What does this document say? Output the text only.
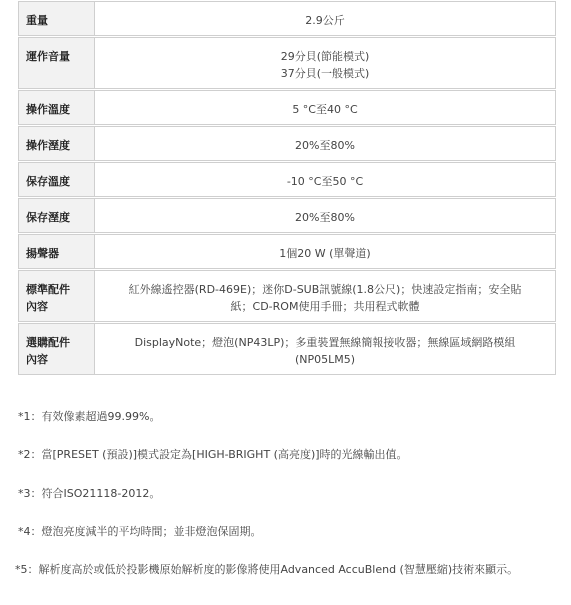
重量	2.9公斤

運作音量	29分貝(節能模式)
37分貝(一般模式)

操作溫度	5 °C至40 °C

操作溼度	20%至80%

保存溫度	-10 °C至50 °C

保存溼度	20%至80%

揚聲器	1個20 W (單聲道)

標準配件
內容	紅外線遙控器(RD-469E)；迷你D-SUB訊號線(1.8公尺)；快速設定指南；安全貼
紙；CD-ROM使用手冊；共用程式軟體

選購配件
內容	DisplayNote；燈泡(NP43LP)；多重裝置無線簡報接收器；無線區域網路模組
(NP05LM5)
*1：有效像素超過99.99%。
*2：當[PRESET (預設)]模式設定為[HIGH-BRIGHT (高亮度)]時的光線輸出值。
*3：符合ISO21118-2012。
*4：燈泡亮度減半的平均時間；並非燈泡保固期。
*5：解析度高於或低於投影機原始解析度的影像將使用Advanced AccuBlend (智慧壓縮)技術來顯示。
